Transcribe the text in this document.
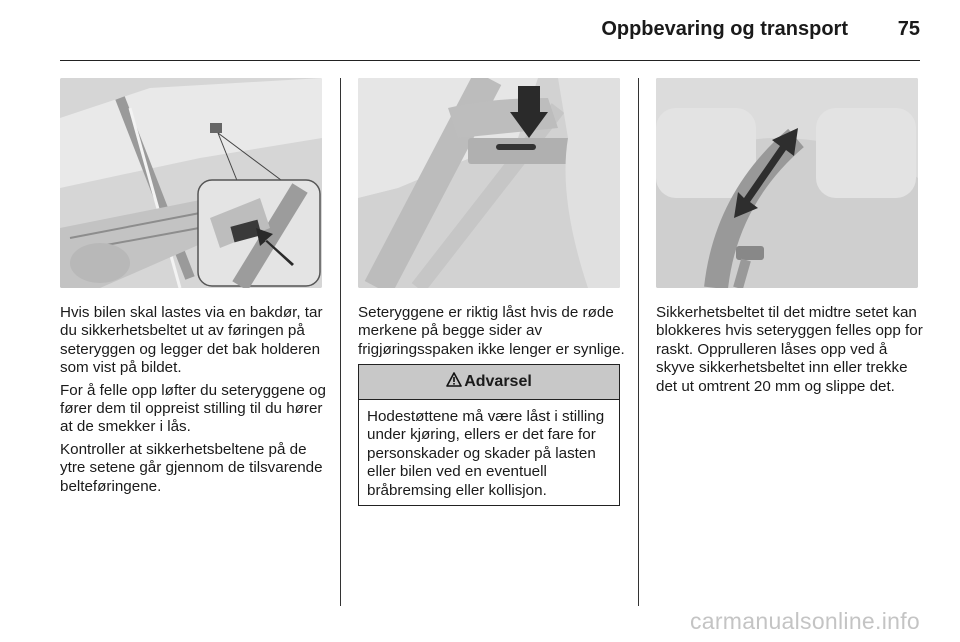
Oppbevaring og transport	75

Hvis bilen skal lastes via en bakdør, tar du sikkerhetsbeltet ut av føringen på seteryggen og legger det bak holderen som vist på bildet.

For å felle opp løfter du seteryggene og fører dem til oppreist stilling til du hører at de smekker i lås.

Kontroller at sikkerhetsbeltene på de ytre setene går gjennom de tilsvarende belteføringene.

Seteryggene er riktig låst hvis de røde merkene på begge sider av frigjøringsspaken ikke lenger er synlige.

Advarsel
Hodestøttene må være låst i stilling under kjøring, ellers er det fare for personskader og skader på lasten eller bilen ved en eventuell bråbremsing eller kollisjon.

Sikkerhetsbeltet til det midtre setet kan blokkeres hvis seteryggen felles opp for raskt. Opprulleren låses opp ved å skyve sikkerhetsbeltet inn eller trekke det ut omtrent 20 mm og slippe det.

carmanualsonline.info
